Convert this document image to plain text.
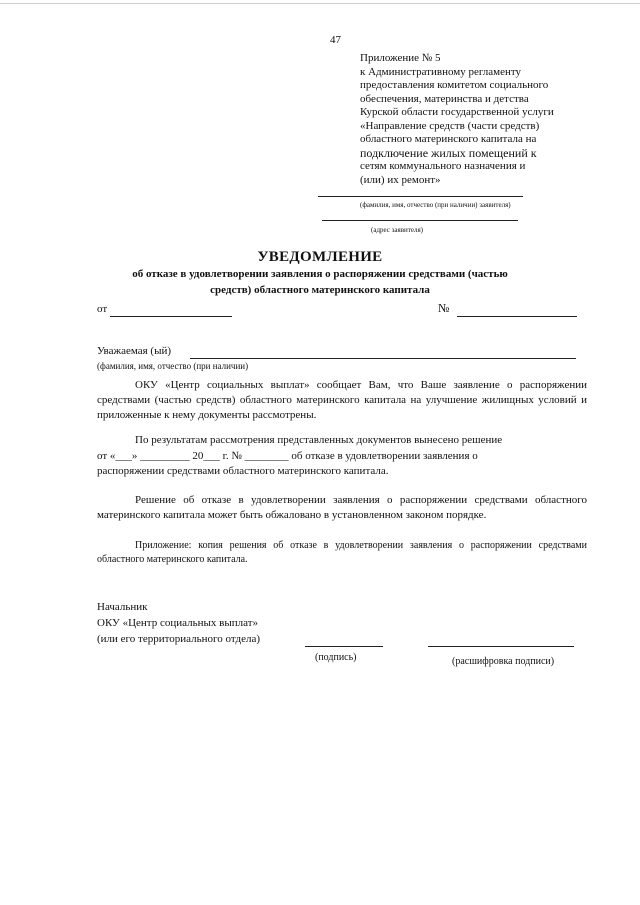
47
Приложение № 5
к Административному регламенту
предоставления комитетом социального
обеспечения, материнства и детства
Курской области государственной услуги
«Направление средств (части средств)
областного материнского капитала на
подключение жилых помещений к
сетям коммунального назначения и
(или) их ремонт»
(фамилия, имя, отчество (при наличии) заявителя)
(адрес заявителя)
УВЕДОМЛЕНИЕ
об отказе в удовлетворении заявления о распоряжении средствами (частью
средств) областного материнского капитала
от	№
Уважаемая (ый)
(фамилия, имя, отчество (при наличии)
ОКУ «Центр социальных выплат» сообщает Вам, что Ваше заявление о распоряжении средствами (частью средств) областного материнского капитала на улучшение жилищных условий и приложенные к нему документы рассмотрены.
По результатам рассмотрения представленных документов вынесено решение
от «___» _________ 20___ г. № ________ об отказе в удовлетворении заявления о
распоряжении средствами областного материнского капитала.
Решение об отказе в удовлетворении заявления о распоряжении средствами областного материнского капитала может быть обжаловано в установленном законом порядке.
Приложение: копия решения об отказе в удовлетворении заявления о распоряжении средствами областного материнского капитала.
Начальник
ОКУ «Центр социальных выплат»
(или его территориального отдела)
(подпись)	(расшифровка подписи)
